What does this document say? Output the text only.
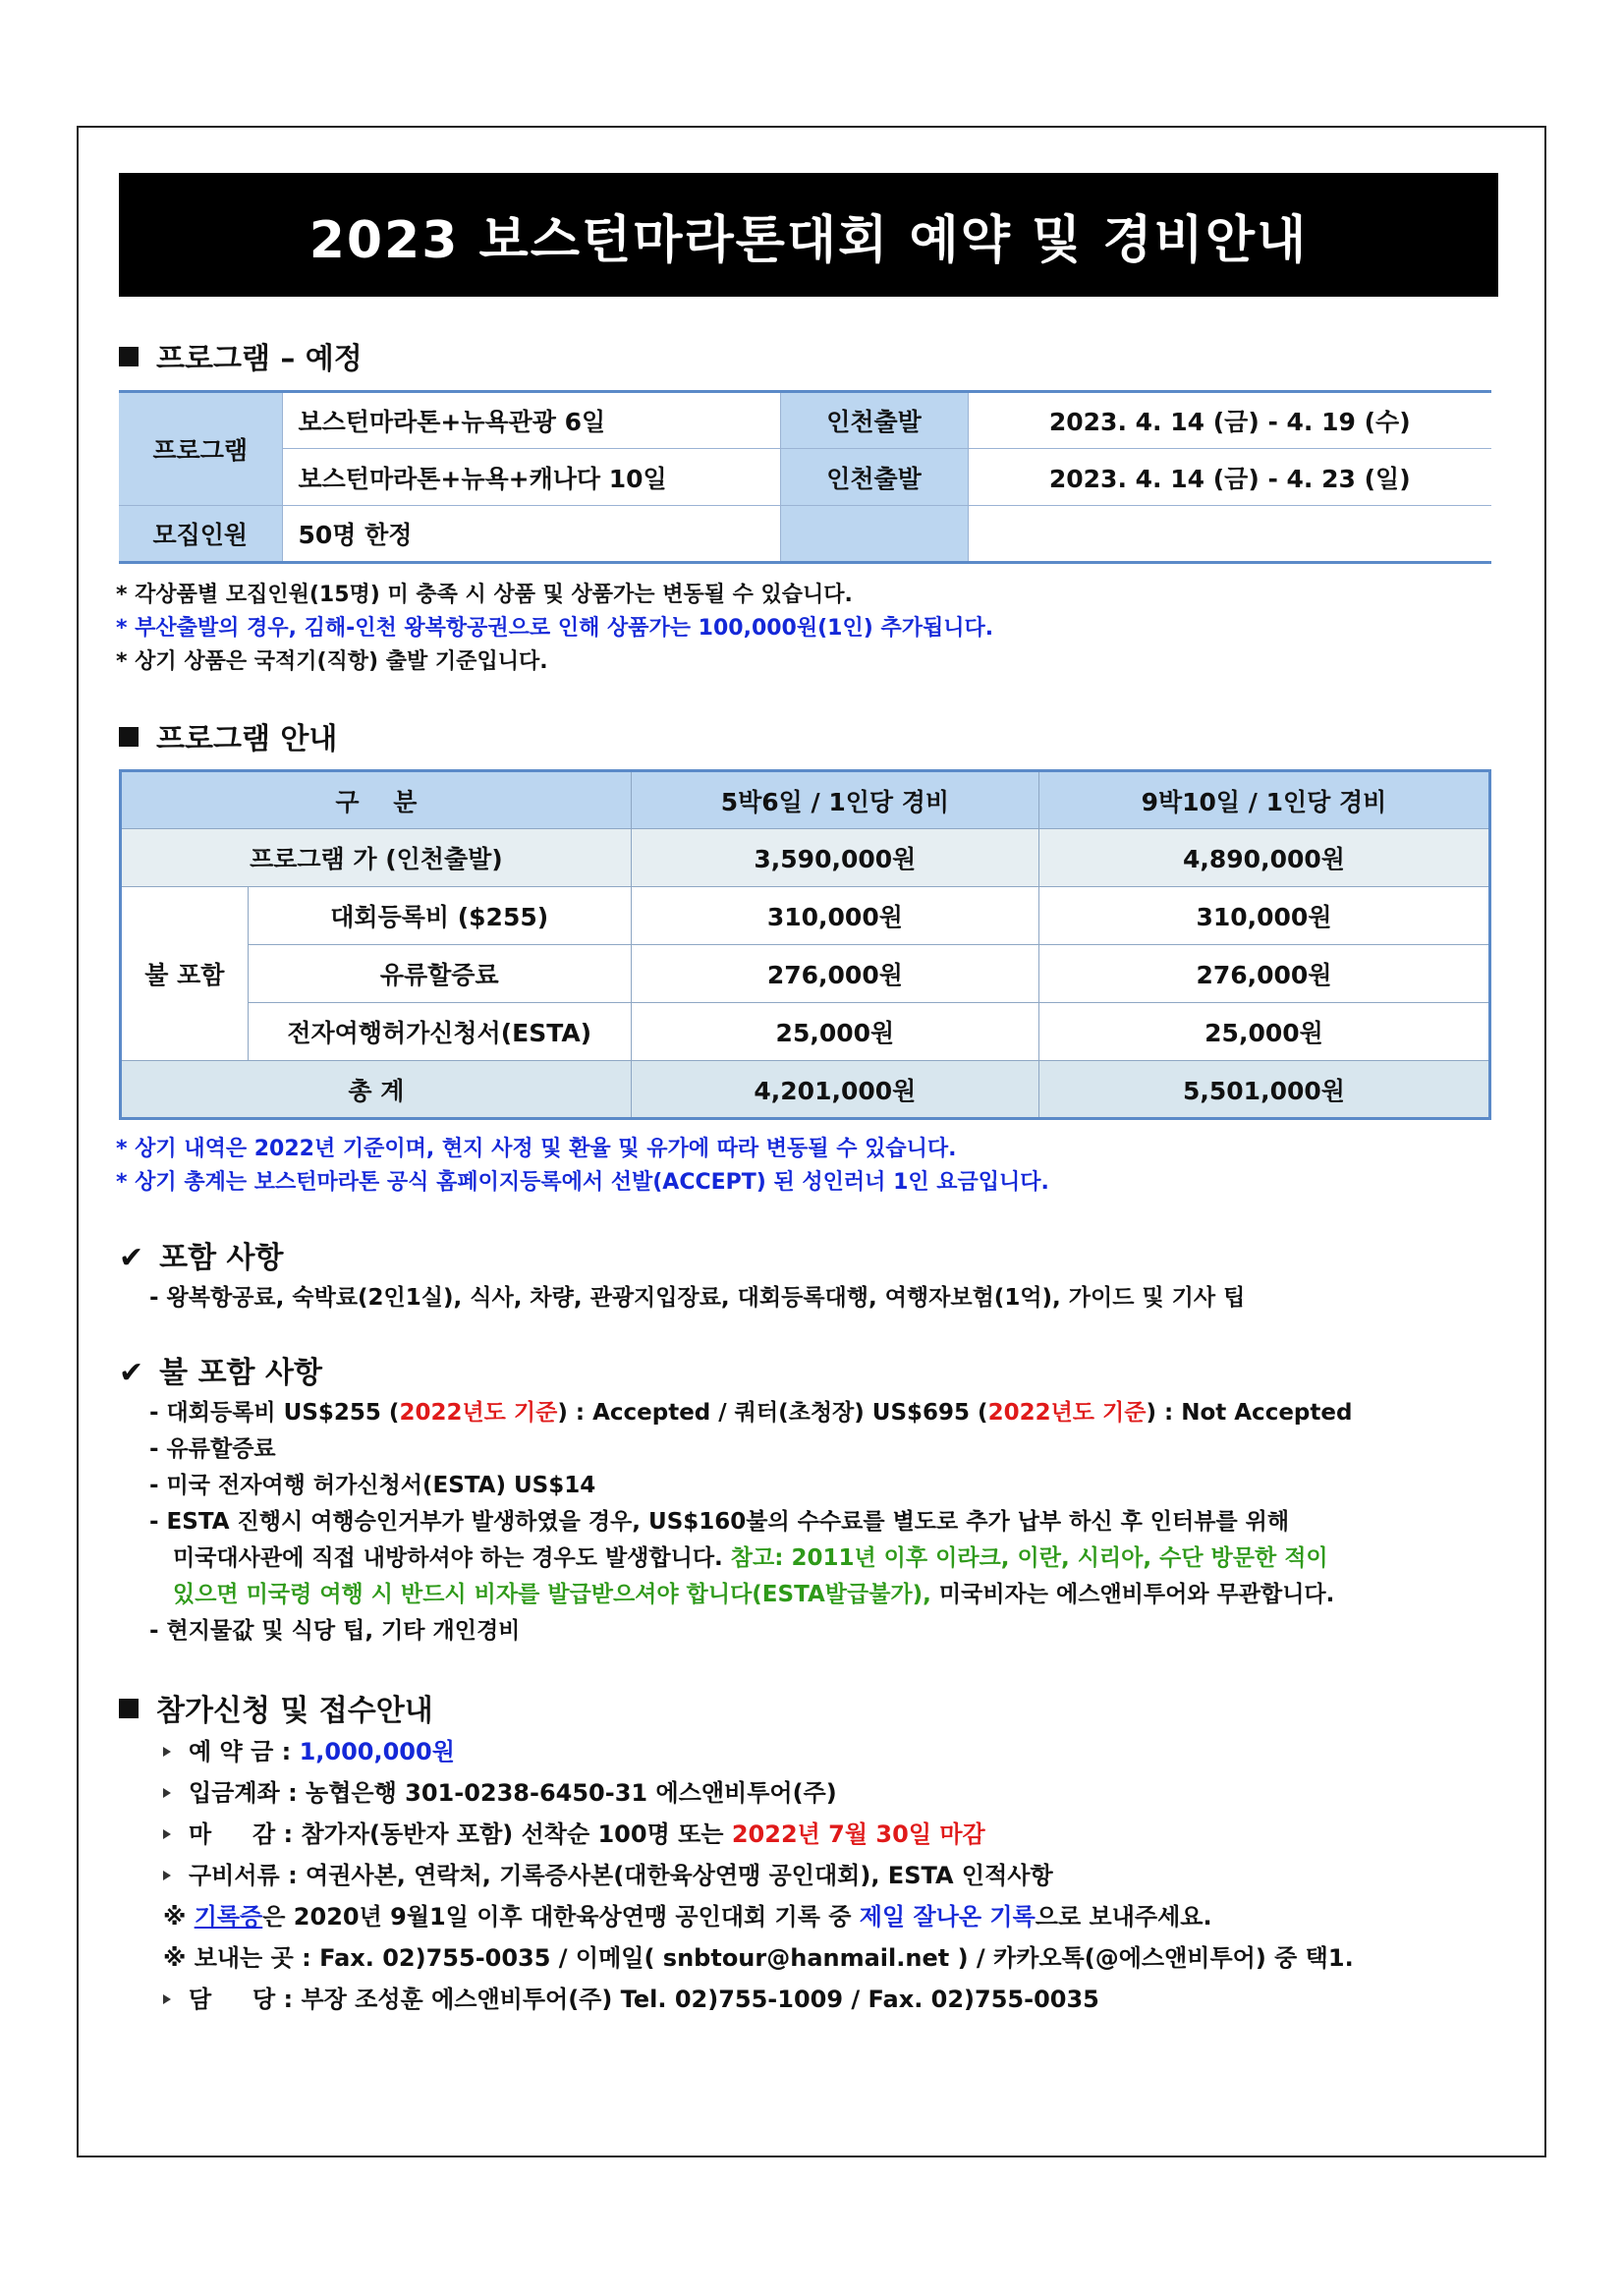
2023 보스턴마라톤대회 예약 및 경비안내
프로그램 – 예정
프로그램	보스턴마라톤+뉴욕관광 6일	인천출발	2023. 4. 14 (금) - 4. 19 (수)
	보스턴마라톤+뉴욕+캐나다 10일	인천출발	2023. 4. 14 (금) - 4. 23 (일)
모집인원	50명 한정		
* 각상품별 모집인원(15명) 미 충족 시 상품 및 상품가는 변동될 수 있습니다.
* 부산출발의 경우, 김해-인천 왕복항공권으로 인해 상품가는 100,000원(1인) 추가됩니다.
* 상기 상품은 국적기(직항) 출발 기준입니다.
프로그램 안내
구    분		5박6일 / 1인당 경비	9박10일 / 1인당 경비
프로그램 가 (인천출발)		3,590,000원	4,890,000원
불 포함	대회등록비 ($255)	310,000원	310,000원
	유류할증료	276,000원	276,000원
	전자여행허가신청서(ESTA)	25,000원	25,000원
총 계		4,201,000원	5,501,000원
* 상기 내역은 2022년 기준이며, 현지 사정 및 환율 및 유가에 따라 변동될 수 있습니다.
* 상기 총계는 보스턴마라톤 공식 홈페이지등록에서 선발(ACCEPT) 된 성인러너 1인 요금입니다.
✔ 포함 사항
- 왕복항공료, 숙박료(2인1실), 식사, 차량, 관광지입장료, 대회등록대행, 여행자보험(1억), 가이드 및 기사 팁
✔ 불 포함 사항
- 대회등록비 US$255 (2022년도 기준) : Accepted / 쿼터(초청장) US$695 (2022년도 기준) : Not Accepted
- 유류할증료
- 미국 전자여행 허가신청서(ESTA) US$14
- ESTA 진행시 여행승인거부가 발생하였을 경우, US$160불의 수수료를 별도로 추가 납부 하신 후 인터뷰를 위해
미국대사관에 직접 내방하셔야 하는 경우도 발생합니다. 참고: 2011년 이후 이라크, 이란, 시리아, 수단 방문한 적이
있으면 미국령 여행 시 반드시 비자를 발급받으셔야 합니다(ESTA발급불가), 미국비자는 에스앤비투어와 무관합니다.
- 현지물값 및 식당 팁, 기타 개인경비
참가신청 및 접수안내
예 약 금 : 1,000,000원
입금계좌 : 농협은행 301-0238-6450-31 에스앤비투어(주)
마     감 : 참가자(동반자 포함) 선착순 100명 또는 2022년 7월 30일 마감
구비서류 : 여권사본, 연락처, 기록증사본(대한육상연맹 공인대회), ESTA 인적사항
※ 기록증은 2020년 9월1일 이후 대한육상연맹 공인대회 기록 중 제일 잘나온 기록으로 보내주세요.
※ 보내는 곳 : Fax. 02)755-0035 / 이메일( snbtour@hanmail.net ) / 카카오톡(@에스앤비투어) 중 택1.
담     당 : 부장 조성훈 에스앤비투어(주) Tel. 02)755-1009 / Fax. 02)755-0035
